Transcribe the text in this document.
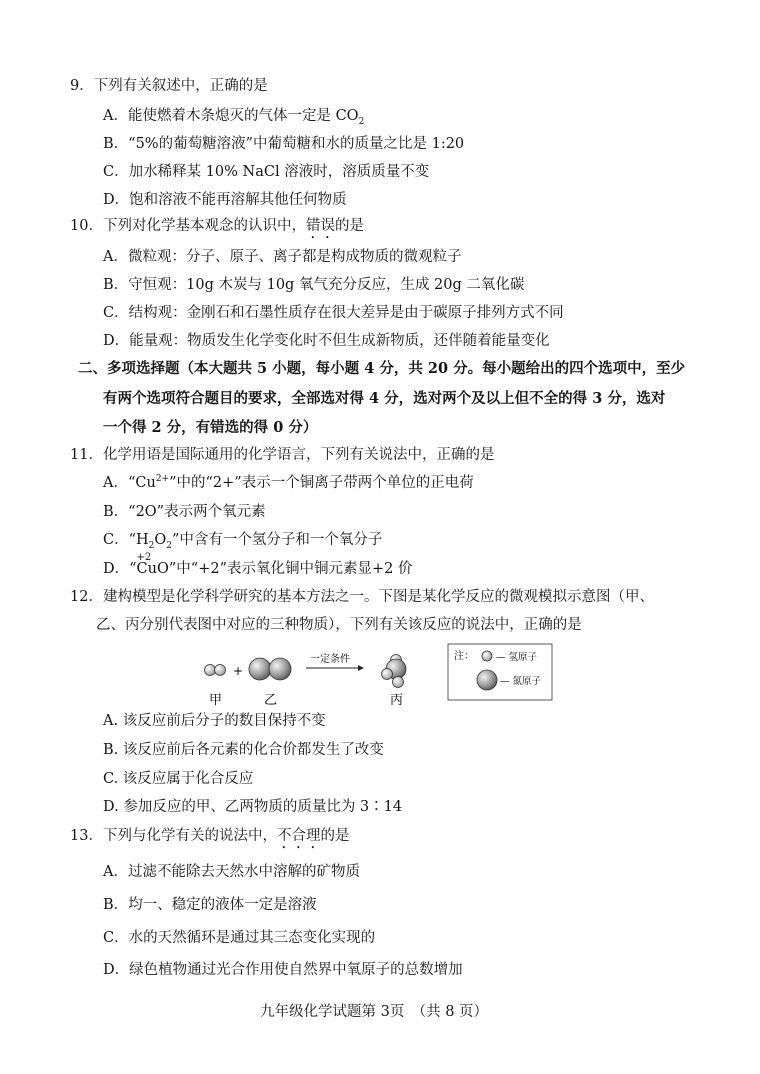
9．下列有关叙述中，正确的是
A．能使燃着木条熄灭的气体一定是 $CO_2$
B．“5%的葡萄糖溶液”中葡萄糖和水的质量之比是 1:20
C．加水稀释某 10% NaCl 溶液时，溶质质量不变
D．饱和溶液不能再溶解其他任何物质
10．下列对化学基本观念的认识中，错误的是
A．微粒观：分子、原子、离子都是构成物质的微观粒子
B．守恒观：10g 木炭与 10g 氧气充分反应，生成 20g 二氧化碳
C．结构观：金刚石和石墨性质存在很大差异是由于碳原子排列方式不同
D．能量观：物质发生化学变化时不但生成新物质，还伴随着能量变化
二、多项选择题（本大题共 5 小题，每小题 4 分，共 20 分。每小题给出的四个选项中，至少
有两个选项符合题目的要求，全部选对得 4 分，选对两个及以上但不全的得 3 分，选对
一个得 2 分，有错选的得 0 分）
11．化学用语是国际通用的化学语言，下列有关说法中，正确的是
A．“$Cu^{2+}$”中的“2+”表示一个铜离子带两个单位的正电荷
B．“2O”表示两个氧元素
C．“$H_2O_2$”中含有一个氢分子和一个氧分子
D．“
+2
CuO”中“+2”表示氧化铜中铜元素显+2 价
12．建构模型是化学科学研究的基本方法之一。下图是某化学反应的微观模拟示意图（甲、
乙、丙分别代表图中对应的三种物质），下列有关该反应的说法中，正确的是
+
一定条件
甲	乙	丙
注： — 氢原子
— 氮原子
A. 该反应前后分子的数目保持不变
B. 该反应前后各元素的化合价都发生了改变
C. 该反应属于化合反应
D. 参加反应的甲、乙两物质的质量比为 3∶14
13．下列与化学有关的说法中，不合理的是
A．过滤不能除去天然水中溶解的矿物质
B．均一、稳定的液体一定是溶液
C．水的天然循环是通过其三态变化实现的
D．绿色植物通过光合作用使自然界中氧原子的总数增加
九年级化学试题第 3页　（共 8 页）
